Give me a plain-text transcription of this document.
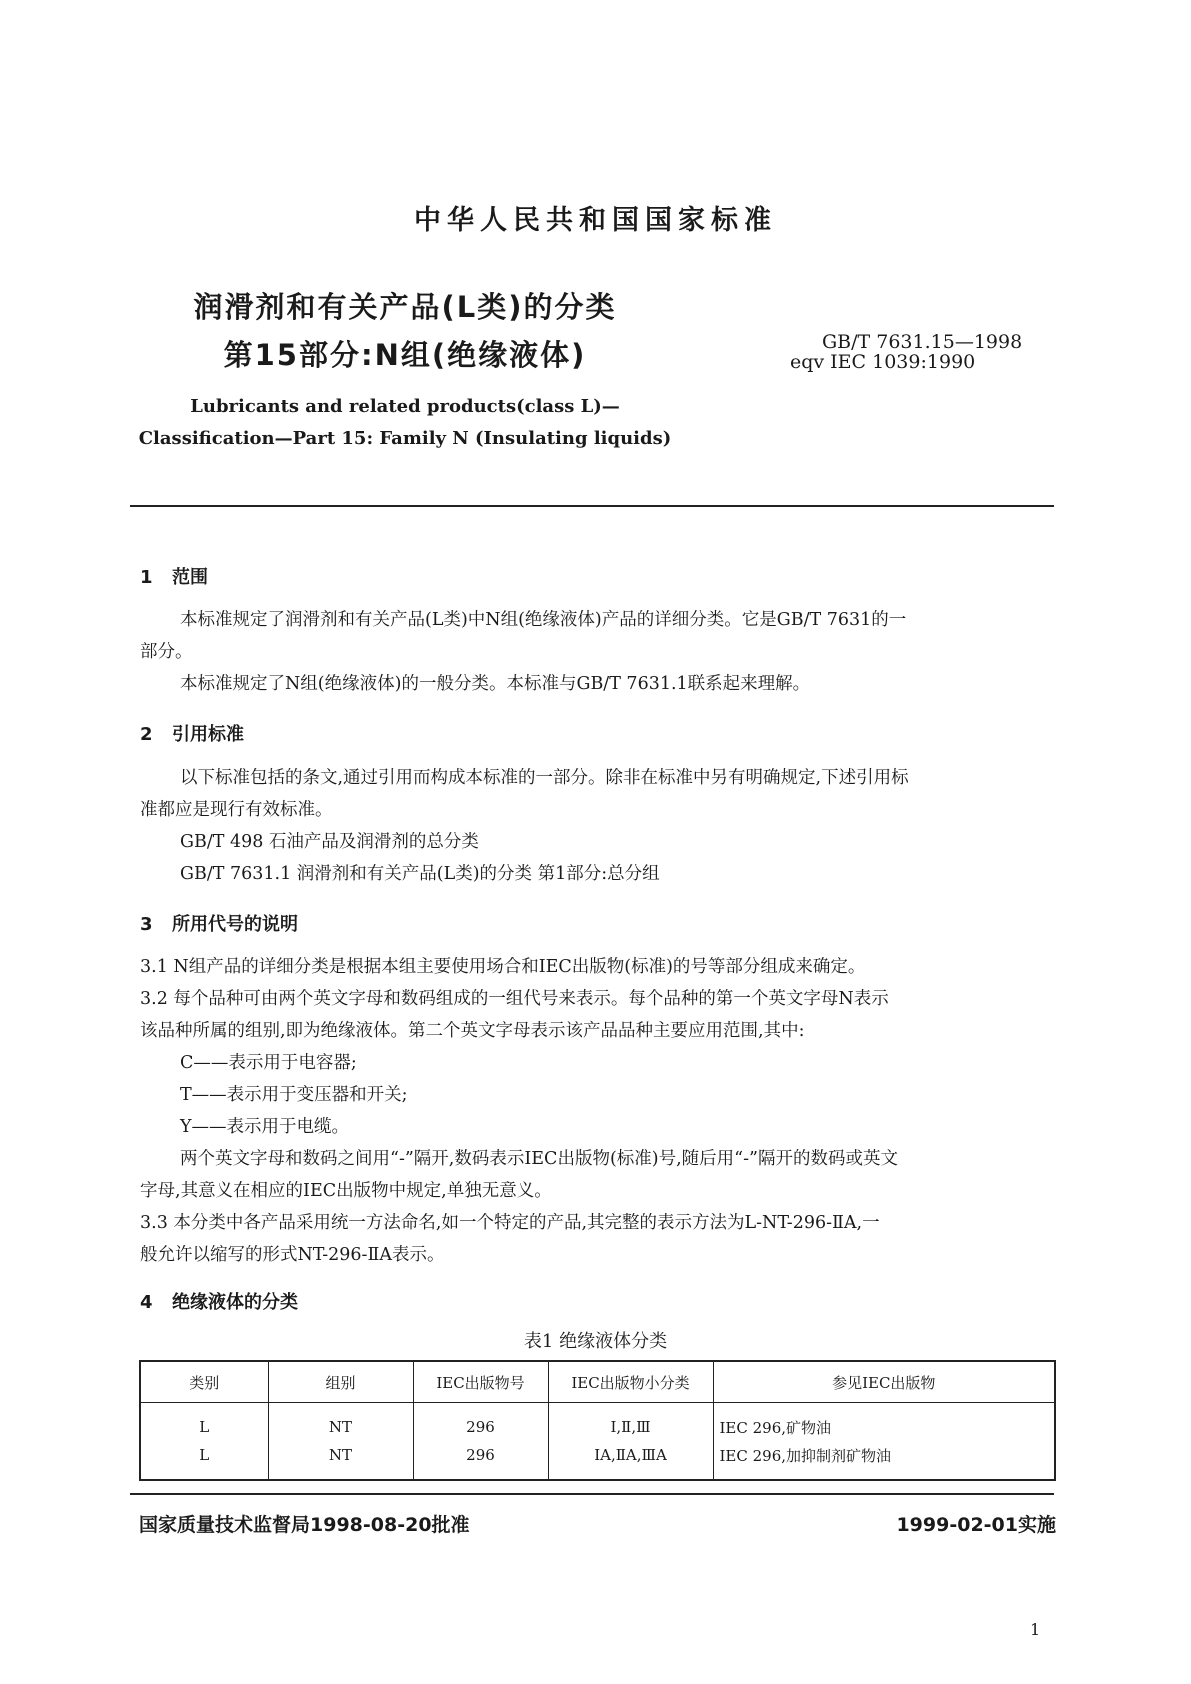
中华人民共和国国家标准
润滑剂和有关产品(L类)的分类
第15部分:N组(绝缘液体)	GB/T 7631.15—1998
eqv IEC 1039:1990
Lubricants and related products(class L)—
Classification—Part 15: Family N (Insulating liquids)
1 范围
本标准规定了润滑剂和有关产品(L类)中N组(绝缘液体)产品的详细分类。它是GB/T 7631的一
部分。
本标准规定了N组(绝缘液体)的一般分类。本标准与GB/T 7631.1联系起来理解。
2 引用标准
以下标准包括的条文,通过引用而构成本标准的一部分。除非在标准中另有明确规定,下述引用标
准都应是现行有效标准。
GB/T 498 石油产品及润滑剂的总分类
GB/T 7631.1 润滑剂和有关产品(L类)的分类 第1部分:总分组
3 所用代号的说明
3.1 N组产品的详细分类是根据本组主要使用场合和IEC出版物(标准)的号等部分组成来确定。
3.2 每个品种可由两个英文字母和数码组成的一组代号来表示。每个品种的第一个英文字母N表示
该品种所属的组别,即为绝缘液体。第二个英文字母表示该产品品种主要应用范围,其中:
C——表示用于电容器;
T——表示用于变压器和开关;
Y——表示用于电缆。
两个英文字母和数码之间用“-”隔开,数码表示IEC出版物(标准)号,随后用“-”隔开的数码或英文
字母,其意义在相应的IEC出版物中规定,单独无意义。
3.3 本分类中各产品采用统一方法命名,如一个特定的产品,其完整的表示方法为L-NT-296-ⅡA,一
般允许以缩写的形式NT-296-ⅡA表示。
4 绝缘液体的分类
表1 绝缘液体分类
类别	组别	IEC出版物号	IEC出版物小分类	参见IEC出版物
L	NT	296	Ⅰ,Ⅱ,Ⅲ	IEC 296,矿物油
L	NT	296	ⅠA,ⅡA,ⅢA	IEC 296,加抑制剂矿物油
国家质量技术监督局1998-08-20批准	1999-02-01实施
1
